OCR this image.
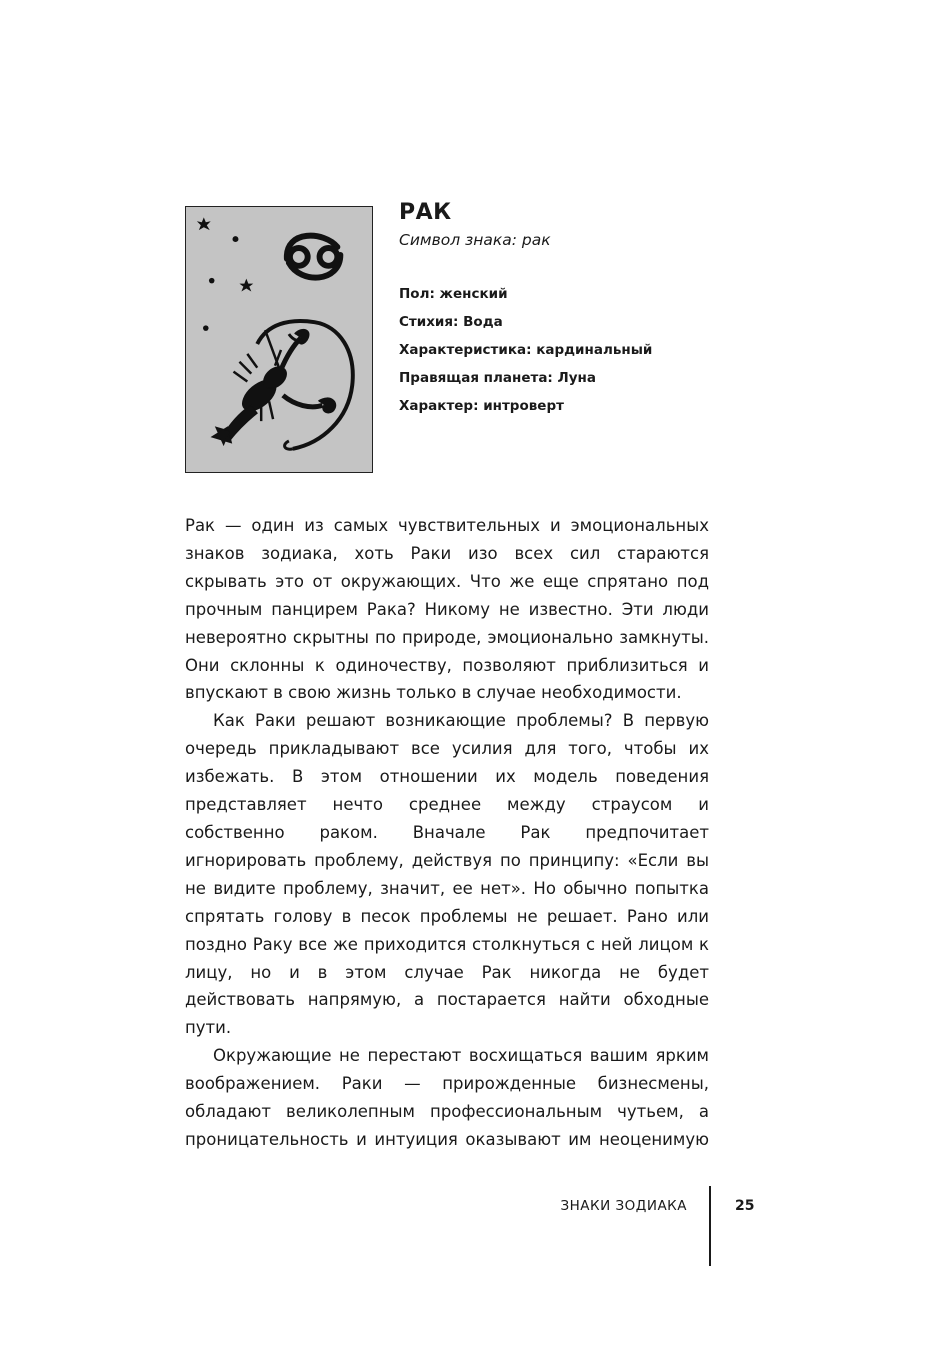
РАК
Символ знака: рак
Пол: женский
Стихия: Вода
Характеристика: кардинальный
Правящая планета: Луна
Характер: интроверт

Рак — один из самых чувствительных и эмоциональных знаков зодиака, хоть Раки изо всех сил стараются скрывать это от окружающих. Что же еще спрятано под прочным панцирем Рака? Никому не известно. Эти люди невероятно скрытны по природе, эмоционально замкнуты. Они склонны к одиночеству, позволяют приблизиться и впускают в свою жизнь только в случае необходимости.

Как Раки решают возникающие проблемы? В первую очередь прикладывают все усилия для того, чтобы их избежать. В этом отношении их модель поведения представляет нечто среднее между страусом и собственно раком. Вначале Рак предпочитает игнорировать проблему, действуя по принципу: «Если вы не видите проблему, значит, ее нет». Но обычно попытка спрятать голову в песок проблемы не решает. Рано или поздно Раку все же приходится столкнуться с ней лицом к лицу, но и в этом случае Рак никогда не будет действовать напрямую, а постарается найти обходные пути.

Окружающие не перестают восхищаться вашим ярким воображением. Раки — прирожденные бизнесмены, обладают великолепным профессиональным чутьем, а проницательность и интуиция оказывают им неоценимую

ЗНАКИ ЗОДИАКА	25
